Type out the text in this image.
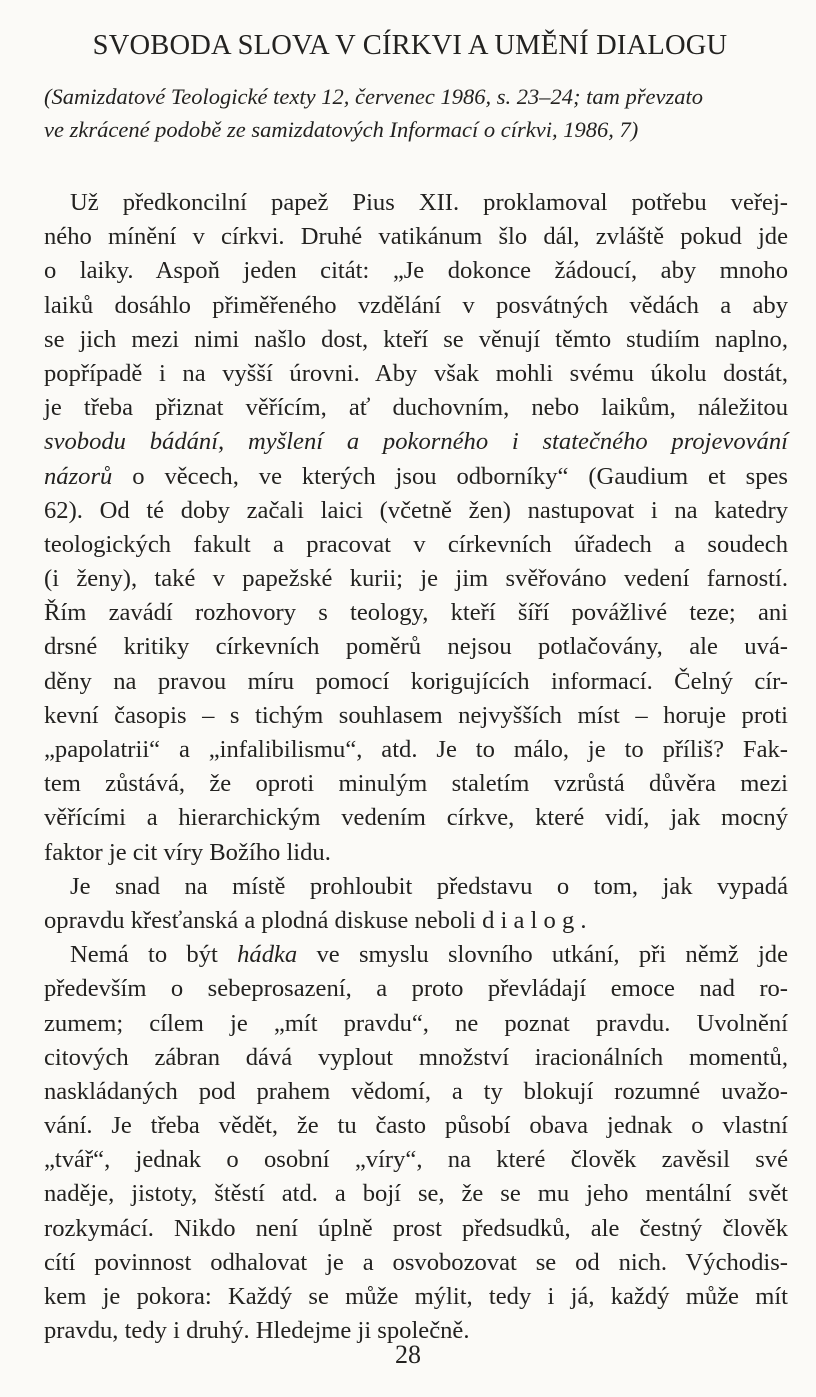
SVOBODA SLOVA V CÍRKVI A UMĚNÍ DIALOGU
(Samizdatové Teologické texty 12, červenec 1986, s. 23–24; tam převzato
ve zkrácené podobě ze samizdatových Informací o církvi, 1986, 7)
Už předkoncilní papež Pius XII. proklamoval potřebu veřej-
ného mínění v církvi. Druhé vatikánum šlo dál, zvláště pokud jde
o laiky. Aspoň jeden citát: „Je dokonce žádoucí, aby mnoho
laiků dosáhlo přiměřeného vzdělání v posvátných vědách a aby
se jich mezi nimi našlo dost, kteří se věnují těmto studiím naplno,
popřípadě i na vyšší úrovni. Aby však mohli svému úkolu dostát,
je třeba přiznat věřícím, ať duchovním, nebo laikům, náležitou
svobodu bádání, myšlení a pokorného i statečného projevování
názorů o věcech, ve kterých jsou odborníky“ (Gaudium et spes
62). Od té doby začali laici (včetně žen) nastupovat i na katedry
teologických fakult a pracovat v církevních úřadech a soudech
(i ženy), také v papežské kurii; je jim svěřováno vedení farností.
Řím zavádí rozhovory s teology, kteří šíří povážlivé teze; ani
drsné kritiky církevních poměrů nejsou potlačovány, ale uvá-
děny na pravou míru pomocí korigujících informací. Čelný cír-
kevní časopis – s tichým souhlasem nejvyšších míst – horuje proti
„papolatrii“ a „infalibilismu“, atd. Je to málo, je to příliš? Fak-
tem zůstává, že oproti minulým staletím vzrůstá důvěra mezi
věřícími a hierarchickým vedením církve, které vidí, jak mocný
faktor je cit víry Božího lidu.
Je snad na místě prohloubit představu o tom, jak vypadá
opravdu křesťanská a plodná diskuse neboli d i a l o g .
Nemá to být hádka ve smyslu slovního utkání, při němž jde
především o sebeprosazení, a proto převládají emoce nad ro-
zumem; cílem je „mít pravdu“, ne poznat pravdu. Uvolnění
citových zábran dává vyplout množství iracionálních momentů,
naskládaných pod prahem vědomí, a ty blokují rozumné uvažo-
vání. Je třeba vědět, že tu často působí obava jednak o vlastní
„tvář“, jednak o osobní „víry“, na které člověk zavěsil své
naděje, jistoty, štěstí atd. a bojí se, že se mu jeho mentální svět
rozkymácí. Nikdo není úplně prost předsudků, ale čestný člověk
cítí povinnost odhalovat je a osvobozovat se od nich. Východis-
kem je pokora: Každý se může mýlit, tedy i já, každý může mít
pravdu, tedy i druhý. Hledejme ji společně.
28
